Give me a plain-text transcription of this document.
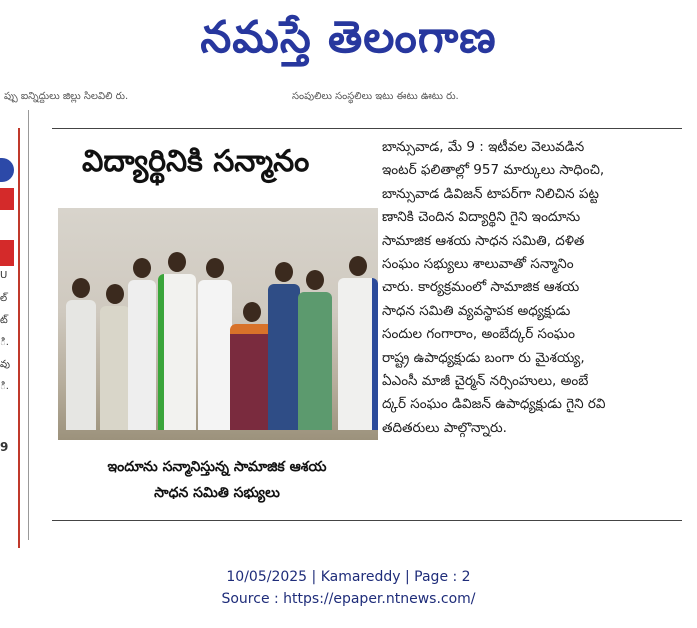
నమస్తే తెలంగాణ
ప్పు ఐన్నిద్దులు జిల్లు సిలవిలి రు.	సంపులిలు సంస్థలిలు ఇటు ఈటు ఊటు రు.
U
ల్
ట్
ి.
వు
ి.
9
విద్యార్థినికి సన్మానం
ఇందూను సన్మానిస్తున్న సామాజిక ఆశయ
సాధన సమితి సభ్యులు
బాన్సువాడ, మే 9 : ఇటీవల వెలువడిన
ఇంటర్ ఫలితాల్లో 957 మార్కులు సాధించి,
బాన్సువాడ డివిజన్ టాపర్‌గా నిలిచిన పట్ట
ణానికి చెందిన విద్యార్థిని గైని ఇందూను
సామాజిక ఆశయ సాధన సమితి, దళిత
సంఘం సభ్యులు శాలువాతో సన్మానిం
చారు. కార్యక్రమంలో సామాజిక ఆశయ
సాధన సమితి వ్యవస్థాపక అధ్యక్షుడు
సందుల గంగారాం, అంబేద్కర్ సంఘం
రాష్ట్ర ఉపాధ్యక్షుడు బంగా రు మైశయ్య,
ఏఎంసీ మాజీ చైర్మన్ నర్సింహులు, అంబే
ద్కర్ సంఘం డివిజన్ ఉపాధ్యక్షుడు గైని రవి
తదితరులు పాల్గొన్నారు.
10/05/2025 | Kamareddy | Page : 2
Source : https://epaper.ntnews.com/
